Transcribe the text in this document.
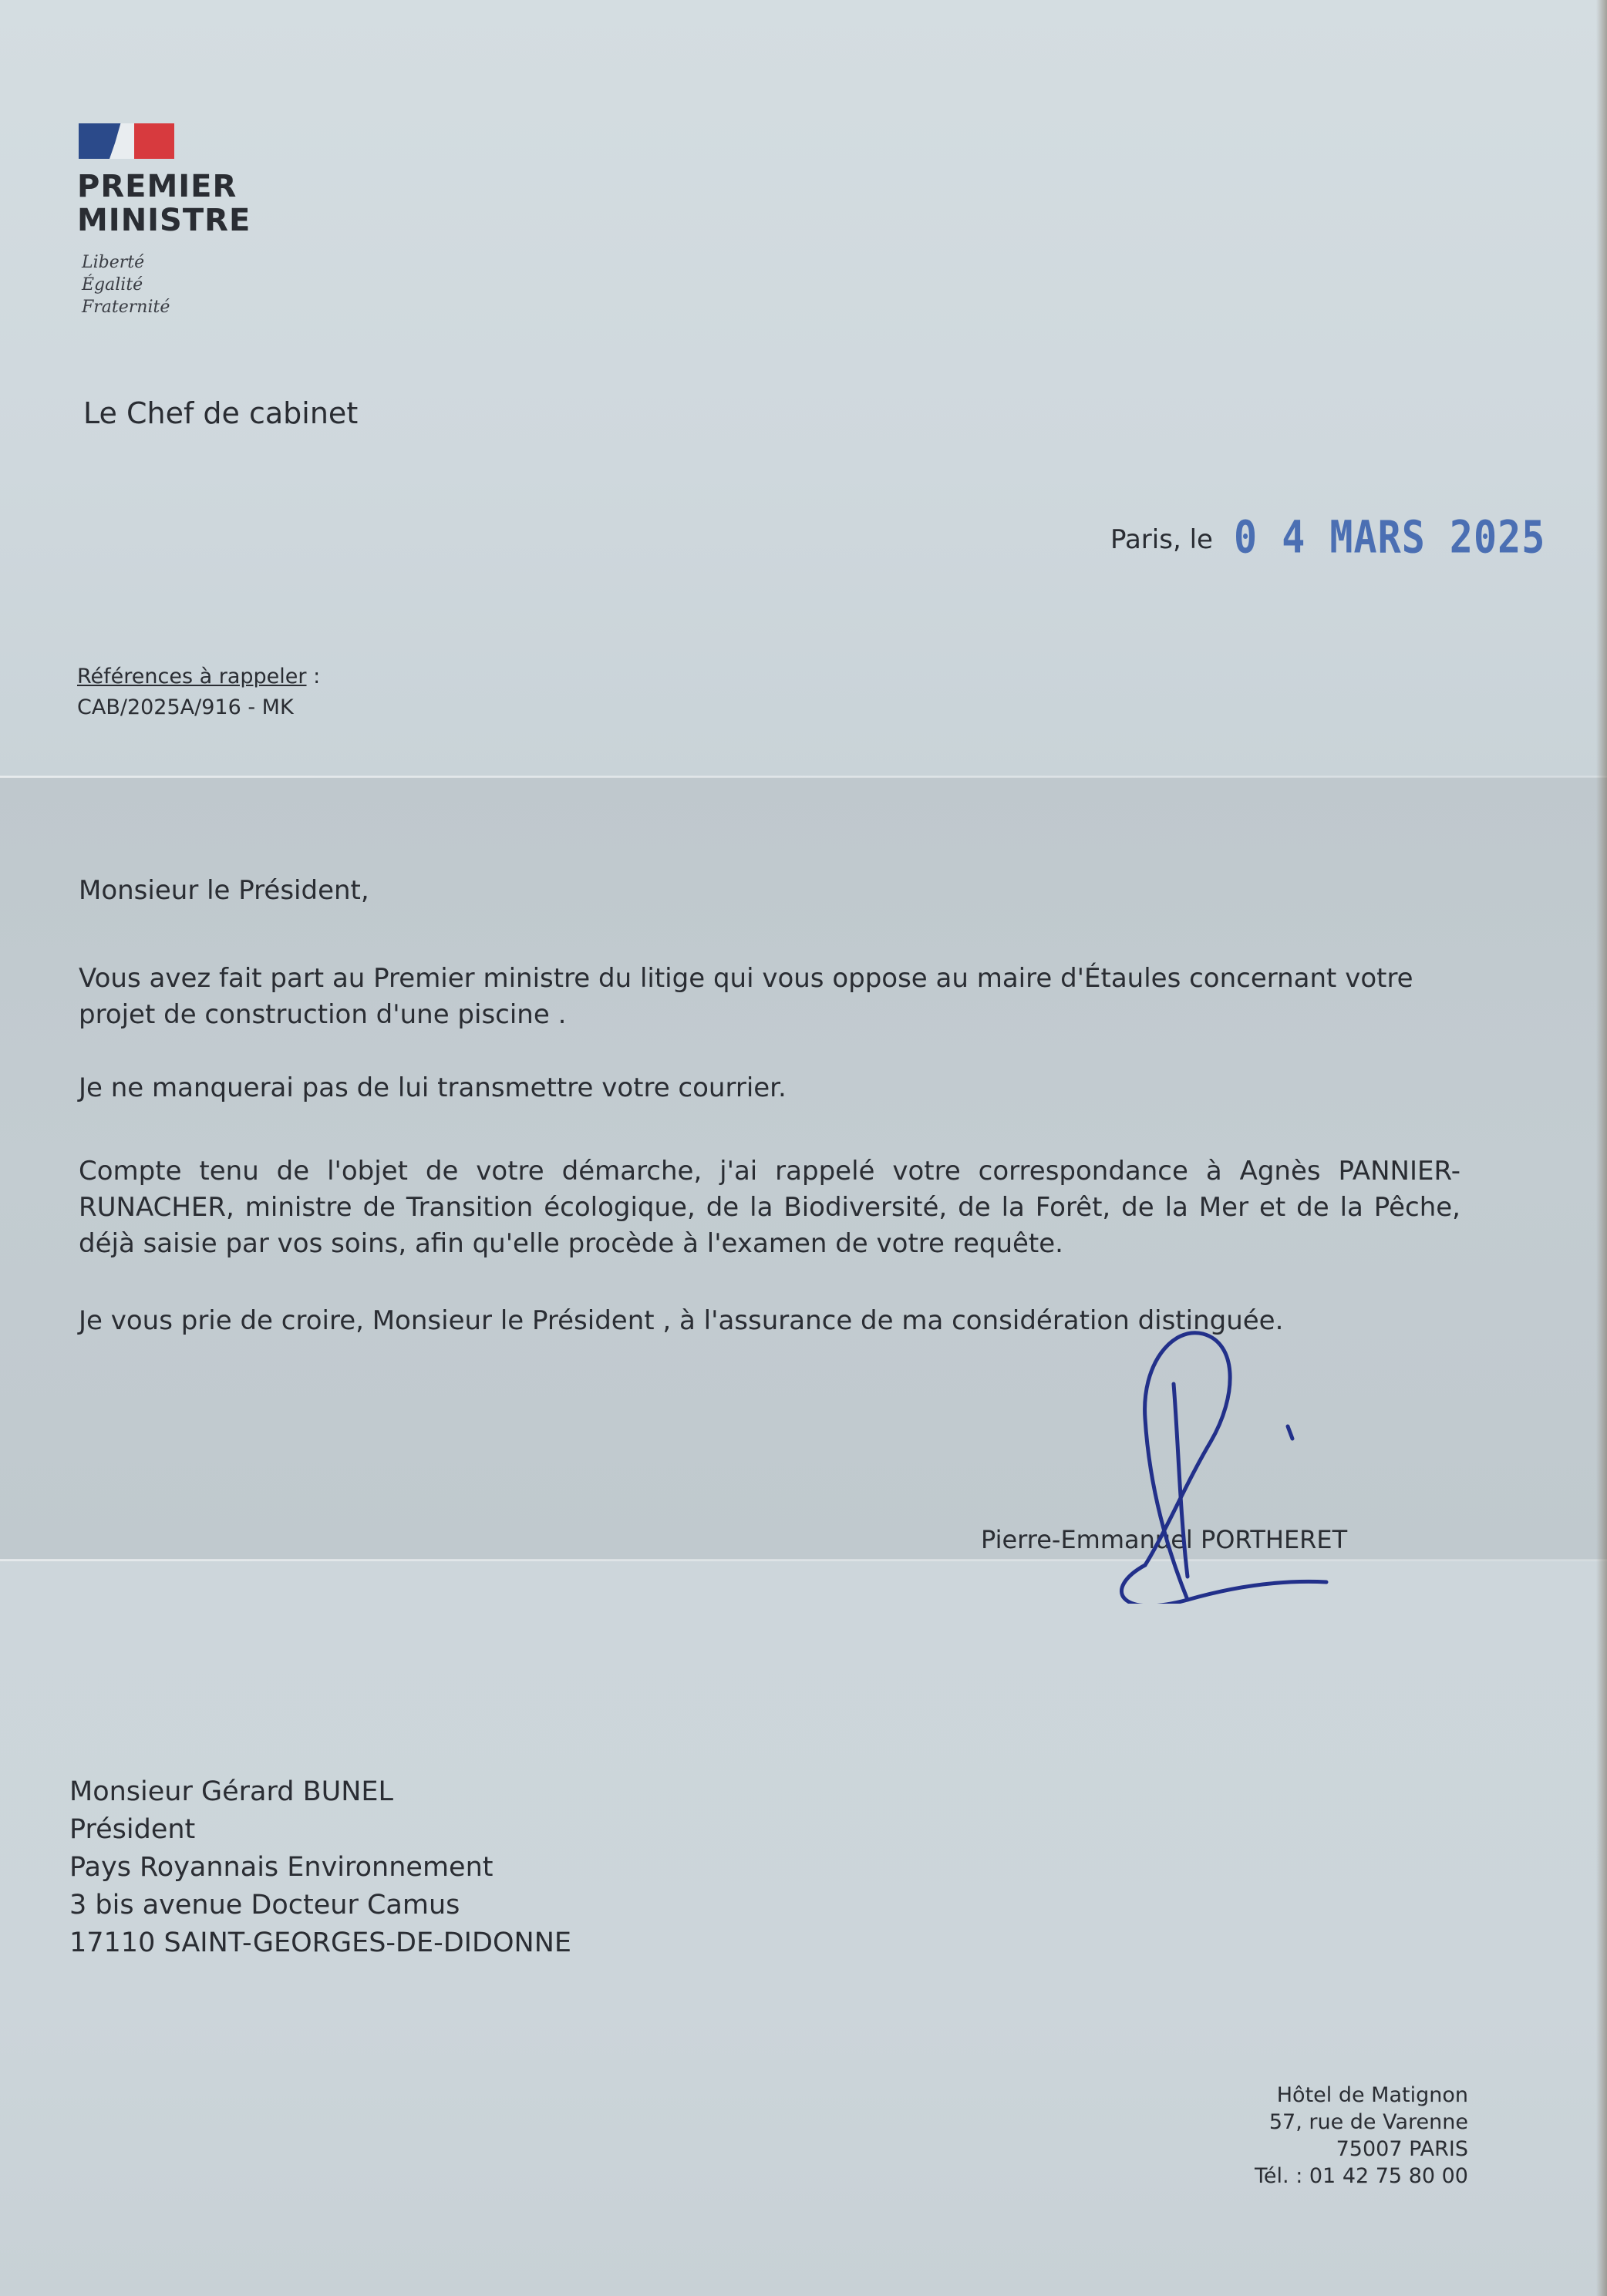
PREMIER
MINISTRE
Liberté
Égalité
Fraternité
Le Chef de cabinet
Paris, le 0 4 MARS 2025
Références à rappeler :
CAB/2025A/916 - MK
Monsieur le Président,
Vous avez fait part au Premier ministre du litige qui vous oppose au maire d'Étaules concernant votre projet de construction d'une piscine .
Je ne manquerai pas de lui transmettre votre courrier.
Compte tenu de l'objet de votre démarche, j'ai rappelé votre correspondance à Agnès PANNIER-RUNACHER, ministre de Transition écologique, de la Biodiversité, de la Forêt, de la Mer et de la Pêche, déjà saisie par vos soins, afin qu'elle procède à l'examen de votre requête.
Je vous prie de croire, Monsieur le Président , à l'assurance de ma considération distinguée.
Pierre-Emmanuel PORTHERET
Monsieur Gérard BUNEL
Président
Pays Royannais Environnement
3 bis avenue Docteur Camus
17110 SAINT-GEORGES-DE-DIDONNE
Hôtel de Matignon
57, rue de Varenne
75007 PARIS
Tél. : 01 42 75 80 00
